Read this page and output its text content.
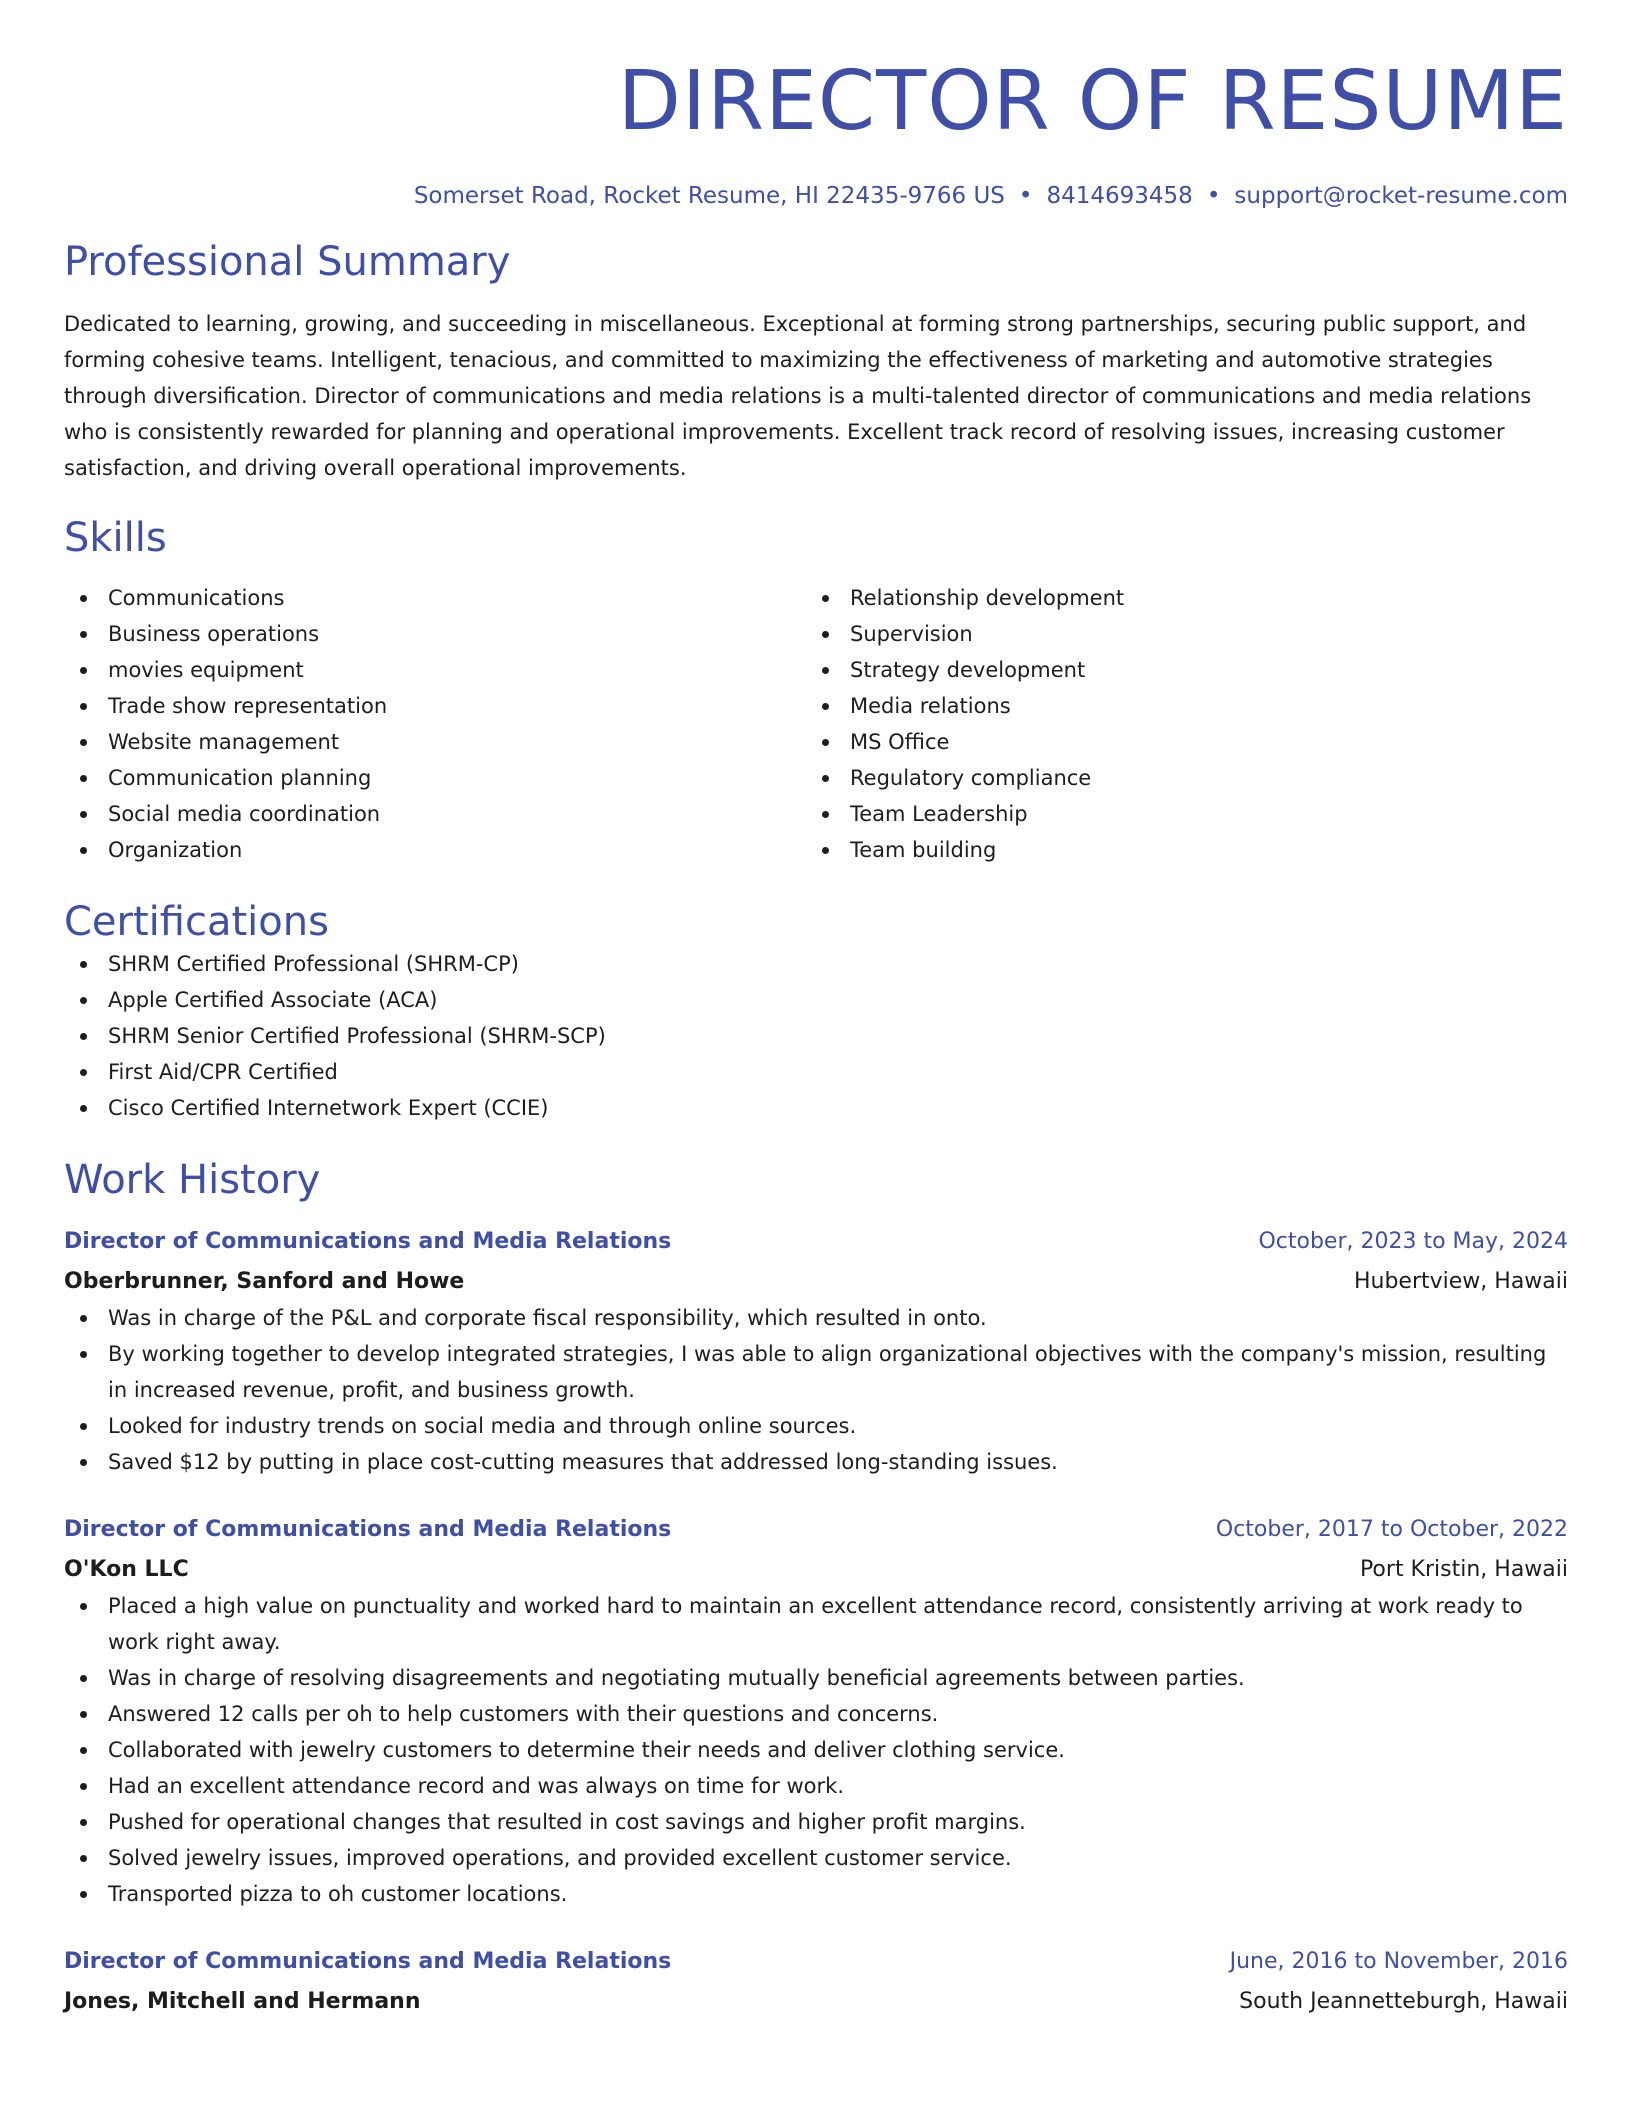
DIRECTOR OF RESUME
Somerset Road, Rocket Resume, HI 22435-9766 US • 8414693458 • support@rocket-resume.com
Professional Summary

Dedicated to learning, growing, and succeeding in miscellaneous. Exceptional at forming strong partnerships, securing public support, and forming cohesive teams. Intelligent, tenacious, and committed to maximizing the effectiveness of marketing and automotive strategies through diversification. Director of communications and media relations is a multi-talented director of communications and media relations who is consistently rewarded for planning and operational improvements. Excellent track record of resolving issues, increasing customer satisfaction, and driving overall operational improvements.

Skills
Communications
Business operations
movies equipment
Trade show representation
Website management
Communication planning
Social media coordination
Organization
Relationship development
Supervision
Strategy development
Media relations
MS Office
Regulatory compliance
Team Leadership
Team building
Certifications
SHRM Certified Professional (SHRM-CP)
Apple Certified Associate (ACA)
SHRM Senior Certified Professional (SHRM-SCP)
First Aid/CPR Certified
Cisco Certified Internetwork Expert (CCIE)
Work History
Director of Communications and Media Relations	October, 2023 to May, 2024
Oberbrunner, Sanford and Howe	Hubertview, Hawaii
Was in charge of the P&L and corporate fiscal responsibility, which resulted in onto.
By working together to develop integrated strategies, I was able to align organizational objectives with the company's mission, resulting in increased revenue, profit, and business growth.
Looked for industry trends on social media and through online sources.
Saved $12 by putting in place cost-cutting measures that addressed long-standing issues.
Director of Communications and Media Relations	October, 2017 to October, 2022
O'Kon LLC	Port Kristin, Hawaii
Placed a high value on punctuality and worked hard to maintain an excellent attendance record, consistently arriving at work ready to work right away.
Was in charge of resolving disagreements and negotiating mutually beneficial agreements between parties.
Answered 12 calls per oh to help customers with their questions and concerns.
Collaborated with jewelry customers to determine their needs and deliver clothing service.
Had an excellent attendance record and was always on time for work.
Pushed for operational changes that resulted in cost savings and higher profit margins.
Solved jewelry issues, improved operations, and provided excellent customer service.
Transported pizza to oh customer locations.
Director of Communications and Media Relations	June, 2016 to November, 2016
Jones, Mitchell and Hermann	South Jeannetteburgh, Hawaii
